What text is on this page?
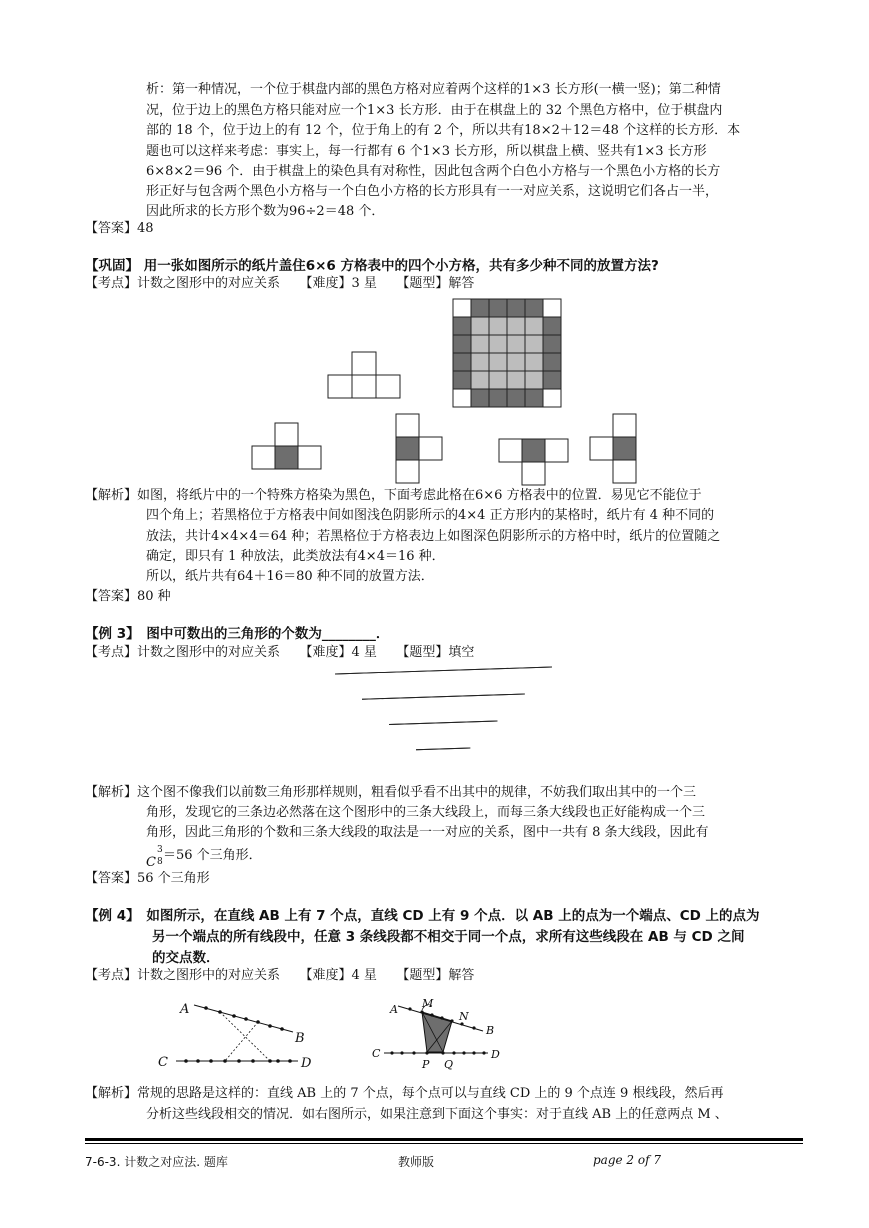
析：第一种情况，一个位于棋盘内部的黑色方格对应着两个这样的1×3 长方形(一横一竖)；第二种情
况，位于边上的黑色方格只能对应一个1×3 长方形．由于在棋盘上的 32 个黑色方格中，位于棋盘内
部的 18 个，位于边上的有 12 个，位于角上的有 2 个，所以共有18×2＋12＝48 个这样的长方形．本
题也可以这样来考虑：事实上，每一行都有 6 个1×3 长方形，所以棋盘上横、竖共有1×3 长方形
6×8×2＝96 个．由于棋盘上的染色具有对称性，因此包含两个白色小方格与一个黑色小方格的长方
形正好与包含两个黑色小方格与一个白色小方格的长方形具有一一对应关系，这说明它们各占一半，
因此所求的长方形个数为96÷2＝48 个．
【答案】48
【巩固】 用一张如图所示的纸片盖住6×6 方格表中的四个小方格，共有多少种不同的放置方法?
【考点】计数之图形中的对应关系　　【难度】3 星　　【题型】解答
【解析】如图，将纸片中的一个特殊方格染为黑色，下面考虑此格在6×6 方格表中的位置．易见它不能位于
四个角上；若黑格位于方格表中间如图浅色阴影所示的4×4 正方形内的某格时，纸片有 4 种不同的
放法，共计4×4×4＝64 种；若黑格位于方格表边上如图深色阴影所示的方格中时，纸片的位置随之
确定，即只有 1 种放法，此类放法有4×4＝16 种．
所以，纸片共有64＋16＝80 种不同的放置方法．
【答案】80 种
【例 3】　图中可数出的三角形的个数为________．
【考点】计数之图形中的对应关系　　【难度】4 星　　【题型】填空
【解析】这个图不像我们以前数三角形那样规则，粗看似乎看不出其中的规律，不妨我们取出其中的一个三
角形，发现它的三条边必然落在这个图形中的三条大线段上，而每三条大线段也正好能构成一个三
角形，因此三角形的个数和三条大线段的取法是一一对应的关系，图中一共有 8 条大线段，因此有
C
3
8 ＝56 个三角形．
【答案】56 个三角形
【例 4】　如图所示，在直线 AB 上有 7 个点，直线 CD 上有 9 个点．以 AB 上的点为一个端点、CD 上的点为
另一个端点的所有线段中，任意 3 条线段都不相交于同一个点，求所有这些线段在 AB 与 CD 之间
的交点数．
【考点】计数之图形中的对应关系　　【难度】4 星　　【题型】解答
A
B
C	D
A M
N
B
C	D
P Q
【解析】常规的思路是这样的：直线 AB 上的 7 个点，每个点可以与直线 CD 上的 9 个点连 9 根线段，然后再
分析这些线段相交的情况．如右图所示，如果注意到下面这个事实：对于直线 AB 上的任意两点 M 、
7-6-3. 计数之对应法. 题库	教师版	page 2 of 7
